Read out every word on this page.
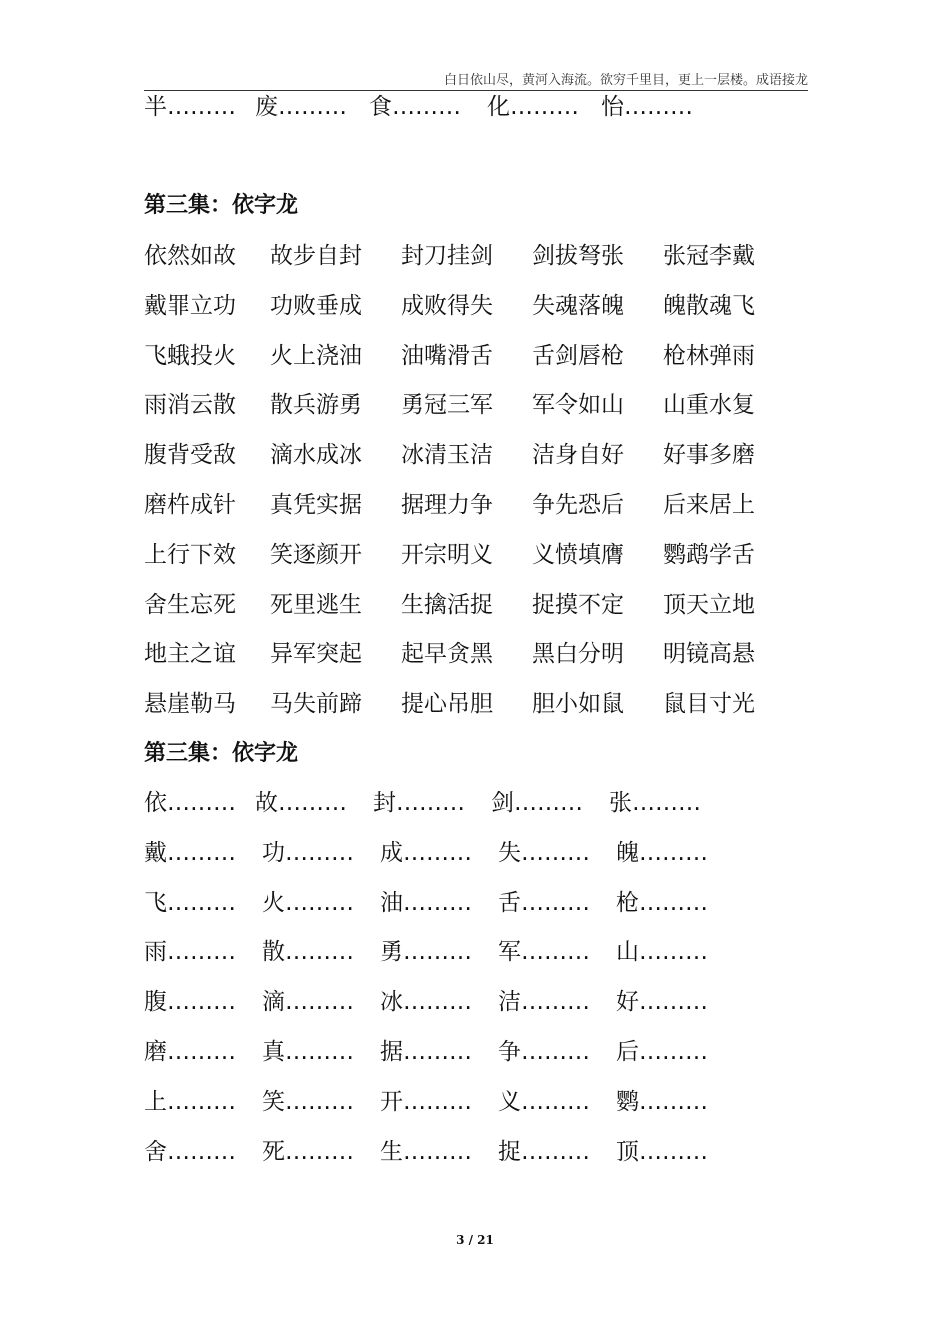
白日依山尽，黄河入海流。欲穷千里目，更上一层楼。成语接龙
半……… 废……… 食……… 化……… 怡………
第三集：依字龙
依然如故 故步自封 封刀挂剑 剑拔弩张 张冠李戴
戴罪立功 功败垂成 成败得失 失魂落魄 魄散魂飞
飞蛾投火 火上浇油 油嘴滑舌 舌剑唇枪 枪林弹雨
雨消云散 散兵游勇 勇冠三军 军令如山 山重水复
腹背受敌 滴水成冰 冰清玉洁 洁身自好 好事多磨
磨杵成针 真凭实据 据理力争 争先恐后 后来居上
上行下效 笑逐颜开 开宗明义 义愤填膺 鹦鹉学舌
舍生忘死 死里逃生 生擒活捉 捉摸不定 顶天立地
地主之谊 异军突起 起早贪黑 黑白分明 明镜高悬
悬崖勒马 马失前蹄 提心吊胆 胆小如鼠 鼠目寸光
第三集：依字龙
依……… 故……… 封……… 剑……… 张………
戴……… 功……… 成……… 失……… 魄………
飞……… 火……… 油……… 舌……… 枪………
雨……… 散……… 勇……… 军……… 山………
腹……… 滴……… 冰……… 洁……… 好………
磨……… 真……… 据……… 争……… 后………
上……… 笑……… 开……… 义……… 鹦………
舍……… 死……… 生……… 捉……… 顶………
3 / 21
